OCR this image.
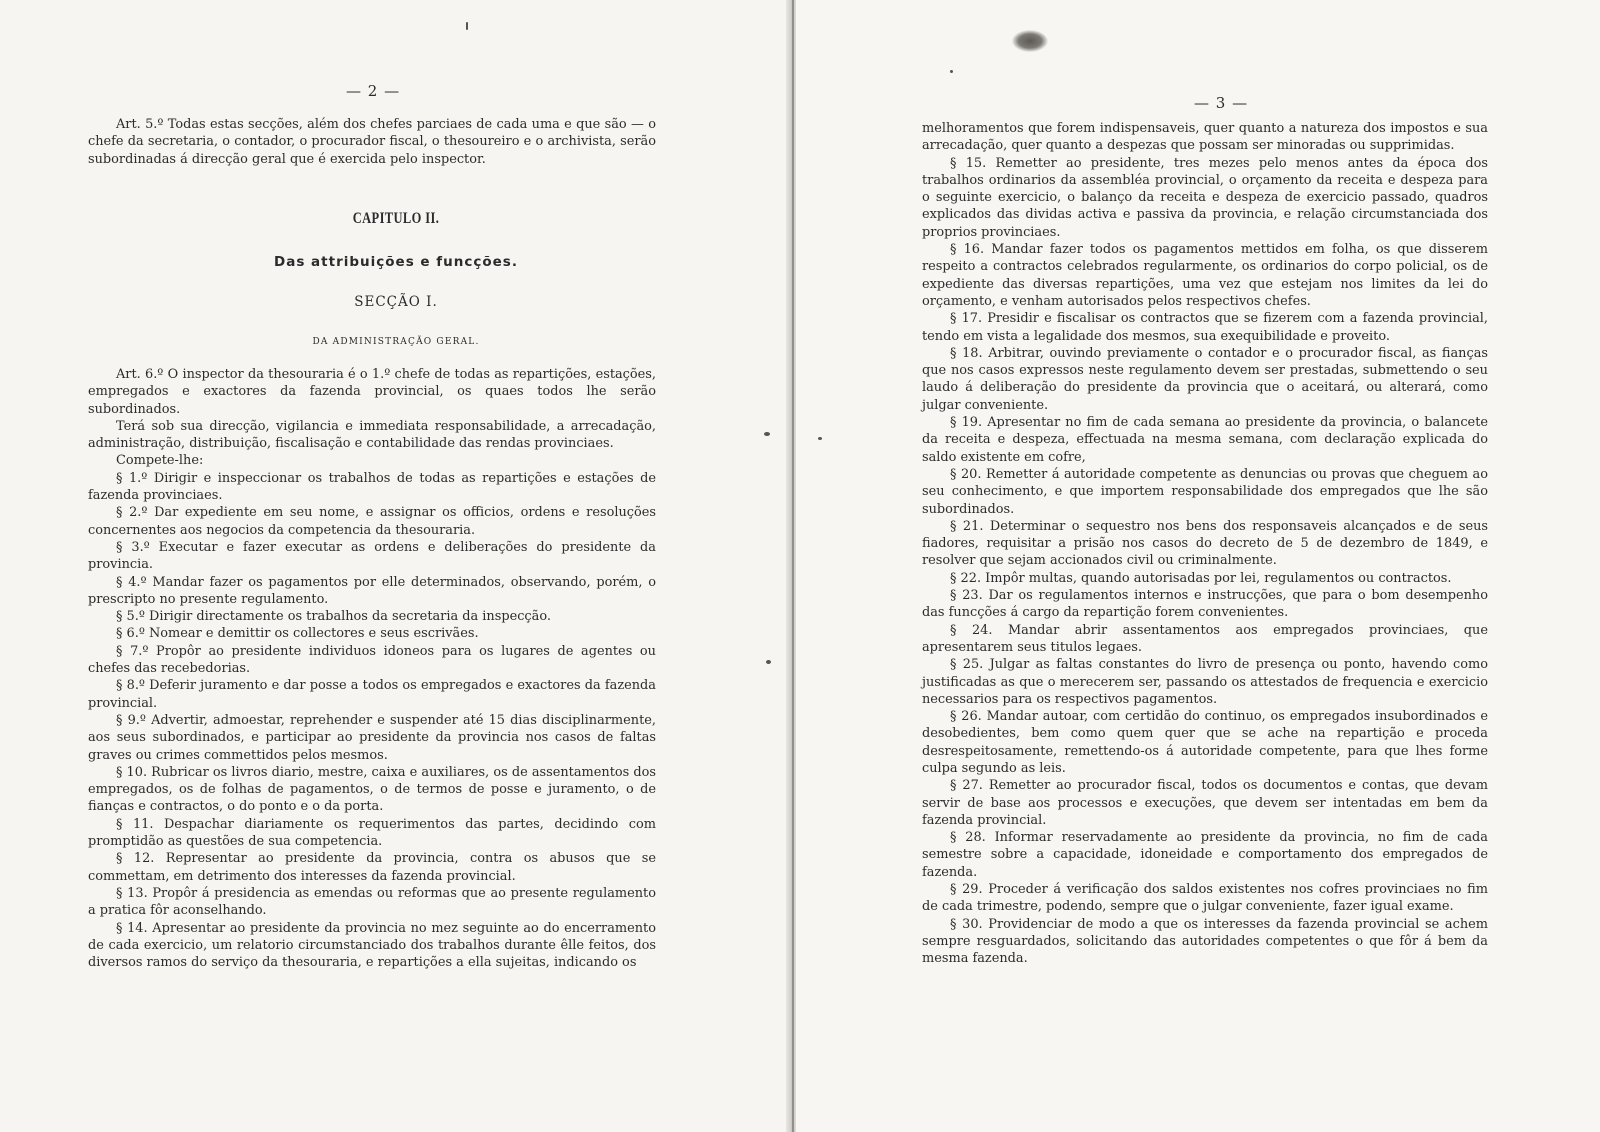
— 2 —

Art. 5.º Todas estas secções, além dos chefes parciaes de cada uma e que são — o chefe da secretaria, o contador, o procurador fiscal, o thesoureiro e o archivista, serão subordinadas á direcção geral que é exercida pelo inspector.

CAPITULO II.
Das attribuições e funcções.
SECÇÃO I.
DA ADMINISTRAÇÃO GERAL.

Art. 6.º O inspector da thesouraria é o 1.º chefe de todas as repartições, estações, empregados e exactores da fazenda provincial, os quaes todos lhe serão subordinados.

Terá sob sua direcção, vigilancia e immediata responsabilidade, a arrecadação, administração, distribuição, fiscalisação e contabilidade das rendas provinciaes.

Compete-lhe:

§ 1.º Dirigir e inspeccionar os trabalhos de todas as repartições e estações de fazenda provinciaes.

§ 2.º Dar expediente em seu nome, e assignar os officios, ordens e resoluções concernentes aos negocios da competencia da thesouraria.

§ 3.º Executar e fazer executar as ordens e deliberações do presidente da provincia.

§ 4.º Mandar fazer os pagamentos por elle determinados, observando, porém, o prescripto no presente regulamento.

§ 5.º Dirigir directamente os trabalhos da secretaria da inspecção.

§ 6.º Nomear e demittir os collectores e seus escrivães.

§ 7.º Propôr ao presidente individuos idoneos para os lugares de agentes ou chefes das recebedorias.

§ 8.º Deferir juramento e dar posse a todos os empregados e exactores da fazenda provincial.

§ 9.º Advertir, admoestar, reprehender e suspender até 15 dias disciplinarmente, aos seus subordinados, e participar ao presidente da provincia nos casos de faltas graves ou crimes commettidos pelos mesmos.

§ 10. Rubricar os livros diario, mestre, caixa e auxiliares, os de assentamentos dos empregados, os de folhas de pagamentos, o de termos de posse e juramento, o de fianças e contractos, o do ponto e o da porta.

§ 11. Despachar diariamente os requerimentos das partes, decidindo com promptidão as questões de sua competencia.

§ 12. Representar ao presidente da provincia, contra os abusos que se commettam, em detrimento dos interesses da fazenda provincial.

§ 13. Propôr á presidencia as emendas ou reformas que ao presente regulamento a pratica fôr aconselhando.

§ 14. Apresentar ao presidente da provincia no mez seguinte ao do encerramento de cada exercicio, um relatorio circumstanciado dos trabalhos durante êlle feitos, dos diversos ramos do serviço da thesouraria, e repartições a ella sujeitas, indicando os

— 3 —

melhoramentos que forem indispensaveis, quer quanto a natureza dos impostos e sua arrecadação, quer quanto a despezas que possam ser minoradas ou supprimidas.

§ 15. Remetter ao presidente, tres mezes pelo menos antes da época dos trabalhos ordinarios da assembléa provincial, o orçamento da receita e despeza para o seguinte exercicio, o balanço da receita e despeza de exercicio passado, quadros explicados das dividas activa e passiva da provincia, e relação circumstanciada dos proprios provinciaes.

§ 16. Mandar fazer todos os pagamentos mettidos em folha, os que disserem respeito a contractos celebrados regularmente, os ordinarios do corpo policial, os de expediente das diversas repartições, uma vez que estejam nos limites da lei do orçamento, e venham autorisados pelos respectivos chefes.

§ 17. Presidir e fiscalisar os contractos que se fizerem com a fazenda provincial, tendo em vista a legalidade dos mesmos, sua exequibilidade e proveito.

§ 18. Arbitrar, ouvindo previamente o contador e o procurador fiscal, as fianças que nos casos expressos neste regulamento devem ser prestadas, submettendo o seu laudo á deliberação do presidente da provincia que o aceitará, ou alterará, como julgar conveniente.

§ 19. Apresentar no fim de cada semana ao presidente da provincia, o balancete da receita e despeza, effectuada na mesma semana, com declaração explicada do saldo existente em cofre,

§ 20. Remetter á autoridade competente as denuncias ou provas que cheguem ao seu conhecimento, e que importem responsabilidade dos empregados que lhe são subordinados.

§ 21. Determinar o sequestro nos bens dos responsaveis alcançados e de seus fiadores, requisitar a prisão nos casos do decreto de 5 de dezembro de 1849, e resolver que sejam accionados civil ou criminalmente.

§ 22. Impôr multas, quando autorisadas por lei, regulamentos ou contractos.

§ 23. Dar os regulamentos internos e instrucções, que para o bom desempenho das funcções á cargo da repartição forem convenientes.

§ 24. Mandar abrir assentamentos aos empregados provinciaes, que apresentarem seus titulos legaes.

§ 25. Julgar as faltas constantes do livro de presença ou ponto, havendo como justificadas as que o merecerem ser, passando os attestados de frequencia e exercicio necessarios para os respectivos pagamentos.

§ 26. Mandar autoar, com certidão do continuo, os empregados insubordinados e desobedientes, bem como quem quer que se ache na repartição e proceda desrespeitosamente, remettendo-os á autoridade competente, para que lhes forme culpa segundo as leis.

§ 27. Remetter ao procurador fiscal, todos os documentos e contas, que devam servir de base aos processos e execuções, que devem ser intentadas em bem da fazenda provincial.

§ 28. Informar reservadamente ao presidente da provincia, no fim de cada semestre sobre a capacidade, idoneidade e comportamento dos empregados de fazenda.

§ 29. Proceder á verificação dos saldos existentes nos cofres provinciaes no fim de cada trimestre, podendo, sempre que o julgar conveniente, fazer igual exame.

§ 30. Providenciar de modo a que os interesses da fazenda provincial se achem sempre resguardados, solicitando das autoridades competentes o que fôr á bem da mesma fazenda.
